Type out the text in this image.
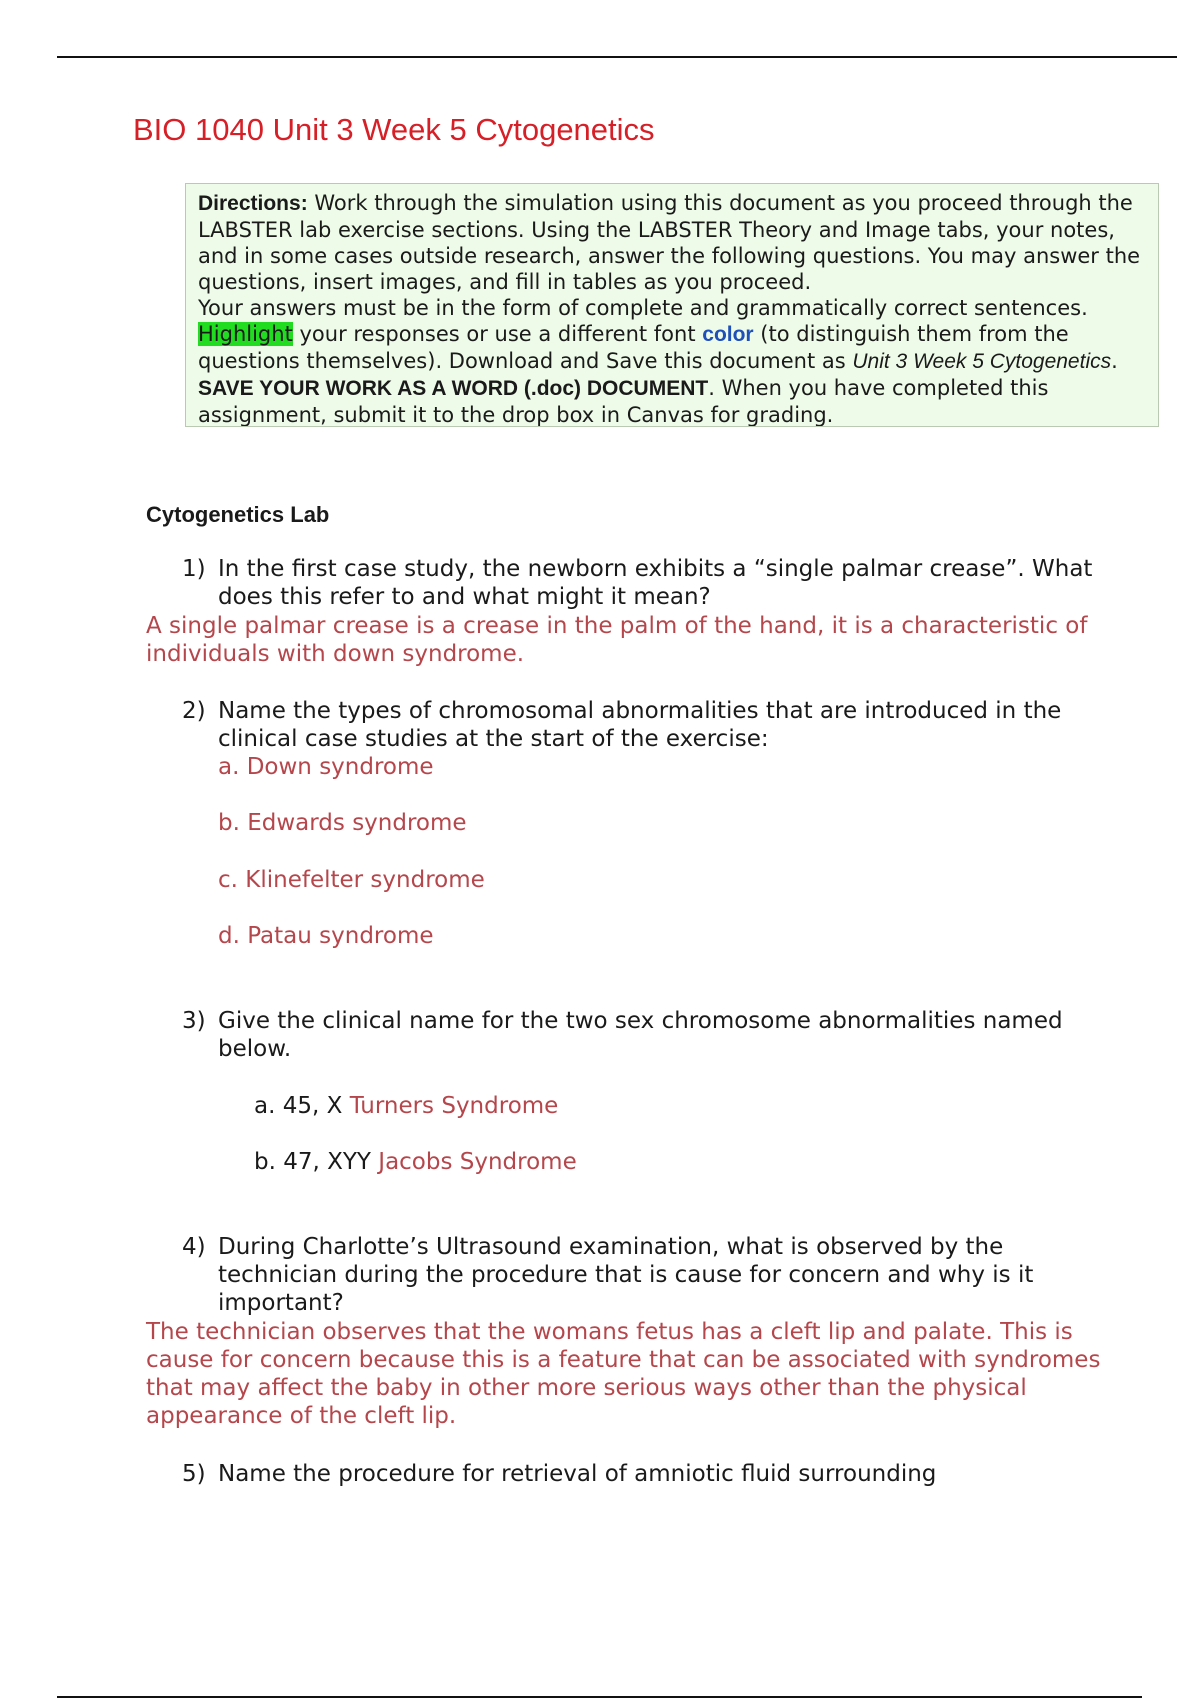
BIO 1040 Unit 3 Week 5 Cytogenetics

Directions: Work through the simulation using this document as you proceed through the LABSTER lab exercise sections. Using the LABSTER Theory and Image tabs, your notes, and in some cases outside research, answer the following questions. You may answer the questions, insert images, and fill in tables as you proceed.

Your answers must be in the form of complete and grammatically correct sentences. Highlight your responses or use a different font color (to distinguish them from the questions themselves). Download and Save this document as Unit 3 Week 5 Cytogenetics. SAVE YOUR WORK AS A WORD (.doc) DOCUMENT. When you have completed this assignment, submit it to the drop box in Canvas for grading.

Cytogenetics Lab
1) In the first case study, the newborn exhibits a “single palmar crease”. What does this refer to and what might it mean?
A single palmar crease is a crease in the palm of the hand, it is a characteristic of individuals with down syndrome.
2) Name the types of chromosomal abnormalities that are introduced in the clinical case studies at the start of the exercise:
a. Down syndrome
b. Edwards syndrome
c. Klinefelter syndrome
d. Patau syndrome
3) Give the clinical name for the two sex chromosome abnormalities named below.
a. 45, X Turners Syndrome
b. 47, XYY Jacobs Syndrome
4) During Charlotte’s Ultrasound examination, what is observed by the technician during the procedure that is cause for concern and why is it important?
The technician observes that the womans fetus has a cleft lip and palate. This is cause for concern because this is a feature that can be associated with syndromes that may affect the baby in other more serious ways other than the physical appearance of the cleft lip.
5) Name the procedure for retrieval of amniotic fluid surrounding
